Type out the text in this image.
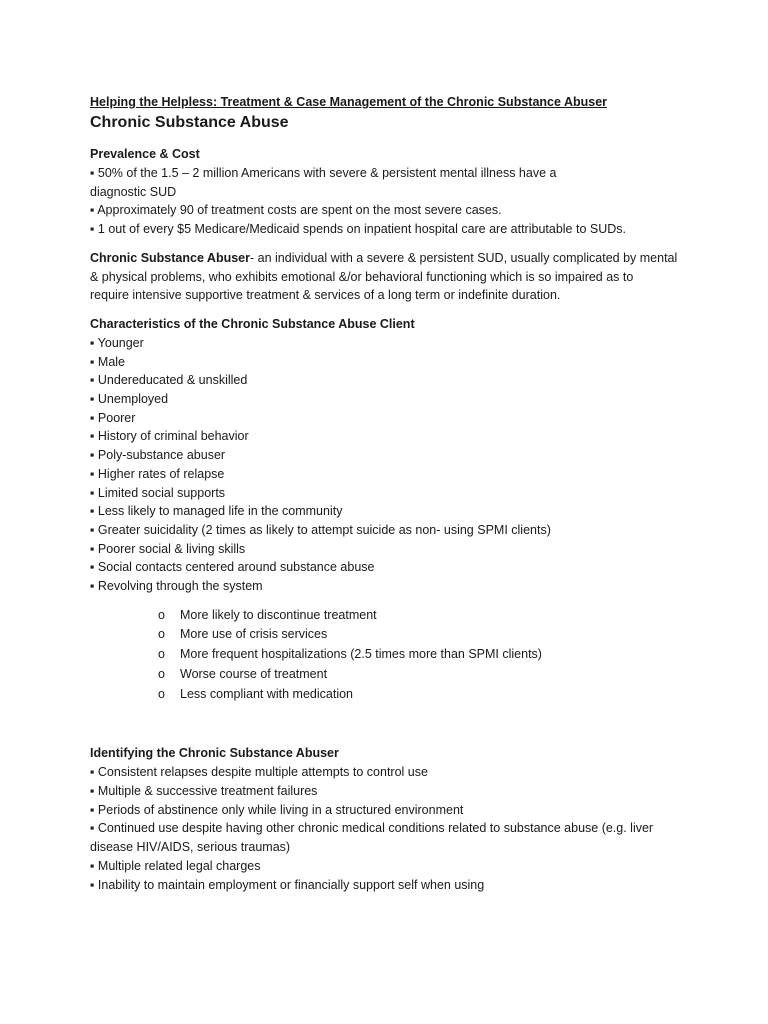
Helping the Helpless: Treatment & Case Management of the Chronic Substance Abuser

Chronic Substance Abuse

Prevalence & Cost

▪ 50% of the 1.5 – 2 million Americans with severe & persistent mental illness have a

diagnostic SUD

▪ Approximately 90 of treatment costs are spent on the most severe cases.

▪ 1 out of every $5 Medicare/Medicaid spends on inpatient hospital care are attributable to SUDs.

Chronic Substance Abuser- an individual with a severe & persistent SUD, usually complicated by mental

& physical problems, who exhibits emotional &/or behavioral functioning which is so impaired as to

require intensive supportive treatment & services of a long term or indefinite duration.

Characteristics of the Chronic Substance Abuse Client

▪ Younger

▪ Male

▪ Undereducated & unskilled

▪ Unemployed

▪ Poorer

▪ History of criminal behavior

▪ Poly-substance abuser

▪ Higher rates of relapse

▪ Limited social supports

▪ Less likely to managed life in the community

▪ Greater suicidality (2 times as likely to attempt suicide as non- using SPMI clients)

▪ Poorer social & living skills

▪ Social contacts centered around substance abuse

▪ Revolving through the system

o	More likely to discontinue treatment
o	More use of crisis services
o	More frequent hospitalizations (2.5 times more than SPMI clients)
o	Worse course of treatment
o	Less compliant with medication

Identifying the Chronic Substance Abuser

▪ Consistent relapses despite multiple attempts to control use

▪ Multiple & successive treatment failures

▪ Periods of abstinence only while living in a structured environment

▪ Continued use despite having other chronic medical conditions related to substance abuse (e.g. liver

disease HIV/AIDS, serious traumas)

▪ Multiple related legal charges

▪ Inability to maintain employment or financially support self when using
